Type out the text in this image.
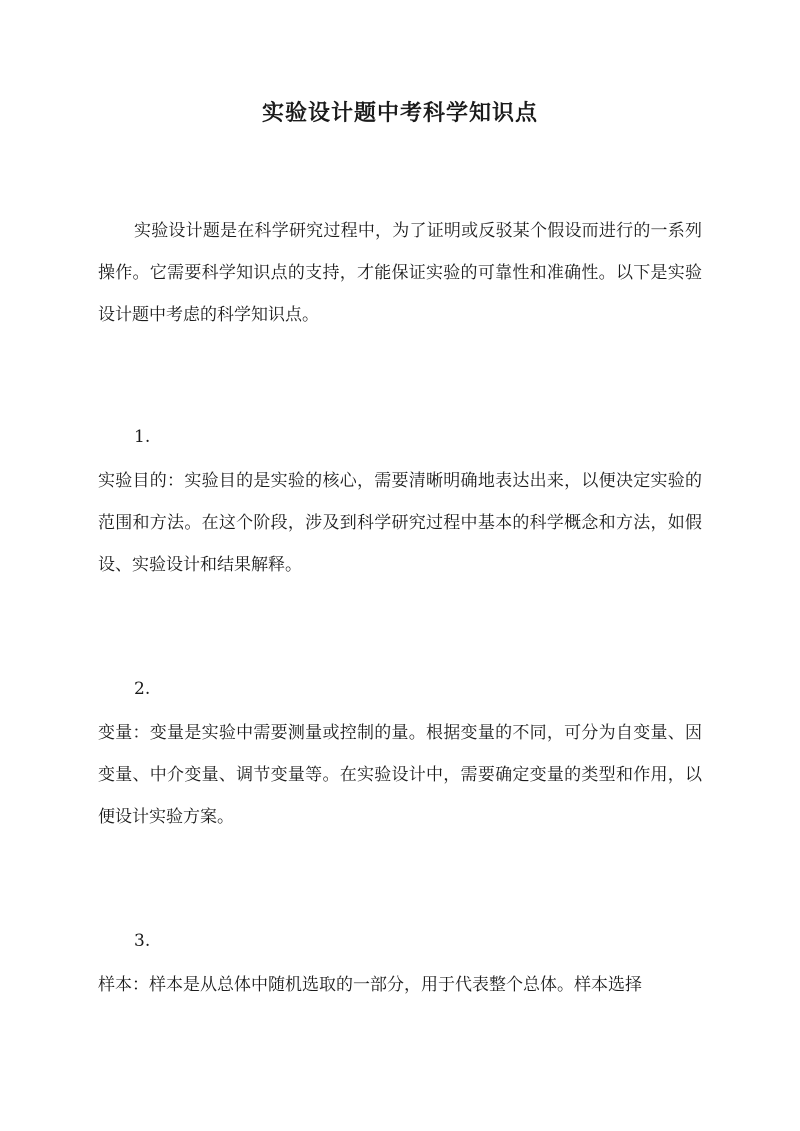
实验设计题中考科学知识点
实验设计题是在科学研究过程中，为了证明或反驳某个假设而进行的一系列操作。它需要科学知识点的支持，才能保证实验的可靠性和准确性。以下是实验设计题中考虑的科学知识点。
1.
实验目的：实验目的是实验的核心，需要清晰明确地表达出来，以便决定实验的范围和方法。在这个阶段，涉及到科学研究过程中基本的科学概念和方法，如假设、实验设计和结果解释。
2.
变量：变量是实验中需要测量或控制的量。根据变量的不同，可分为自变量、因变量、中介变量、调节变量等。在实验设计中，需要确定变量的类型和作用，以便设计实验方案。
3.
样本：样本是从总体中随机选取的一部分，用于代表整个总体。样本选择
